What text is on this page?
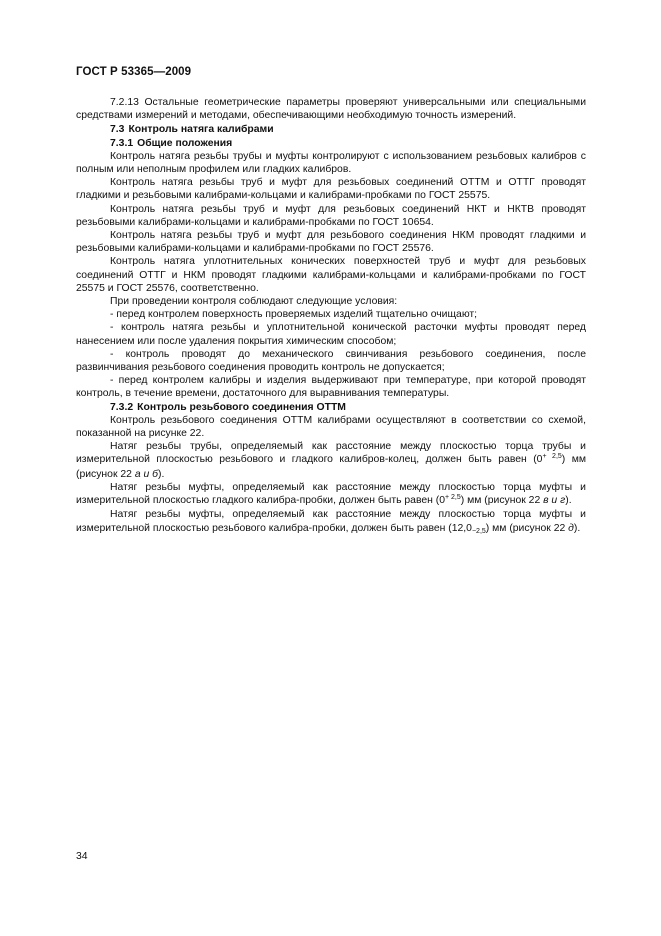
ГОСТ Р 53365—2009

7.2.13 Остальные геометрические параметры проверяют универсальными или специальными средствами измерений и методами, обеспечивающими необходимую точность измерений.

7.3 Контроль натяга калибрами

7.3.1 Общие положения

Контроль натяга резьбы трубы и муфты контролируют с использованием резьбовых калибров с полным или неполным профилем или гладких калибров.

Контроль натяга резьбы труб и муфт для резьбовых соединений ОТТМ и ОТТГ проводят гладкими и резьбовыми калибрами-кольцами и калибрами-пробками по ГОСТ 25575.

Контроль натяга резьбы труб и муфт для резьбовых соединений НКТ и НКТВ проводят резьбовыми калибрами-кольцами и калибрами-пробками по ГОСТ 10654.

Контроль натяга резьбы труб и муфт для резьбового соединения НКМ проводят гладкими и резьбовыми калибрами-кольцами и калибрами-пробками по ГОСТ 25576.

Контроль натяга уплотнительных конических поверхностей труб и муфт для резьбовых соединений ОТТГ и НКМ проводят гладкими калибрами-кольцами и калибрами-пробками по ГОСТ 25575 и ГОСТ 25576, соответственно.

При проведении контроля соблюдают следующие условия:

- перед контролем поверхность проверяемых изделий тщательно очищают;

- контроль натяга резьбы и уплотнительной конической расточки муфты проводят перед нанесением или после удаления покрытия химическим способом;

- контроль проводят до механического свинчивания резьбового соединения, после развинчивания резьбового соединения проводить контроль не допускается;

- перед контролем калибры и изделия выдерживают при температуре, при которой проводят контроль, в течение времени, достаточного для выравнивания температуры.

7.3.2 Контроль резьбового соединения ОТТМ

Контроль резьбового соединения ОТТМ калибрами осуществляют в соответствии со схемой, показанной на рисунке 22.

Натяг резьбы трубы, определяемый как расстояние между плоскостью торца трубы и измерительной плоскостью резьбового и гладкого калибров-колец, должен быть равен $(0^{+ 2,5})$ мм (рисунок 22 а и б).

Натяг резьбы муфты, определяемый как расстояние между плоскостью торца муфты и измерительной плоскостью гладкого калибра-пробки, должен быть равен $(0^{+ 2,5})$ мм (рисунок 22 в и г).

Натяг резьбы муфты, определяемый как расстояние между плоскостью торца муфты и измерительной плоскостью резьбового калибра-пробки, должен быть равен (12,0−2,5) мм (рисунок 22 д).

34
